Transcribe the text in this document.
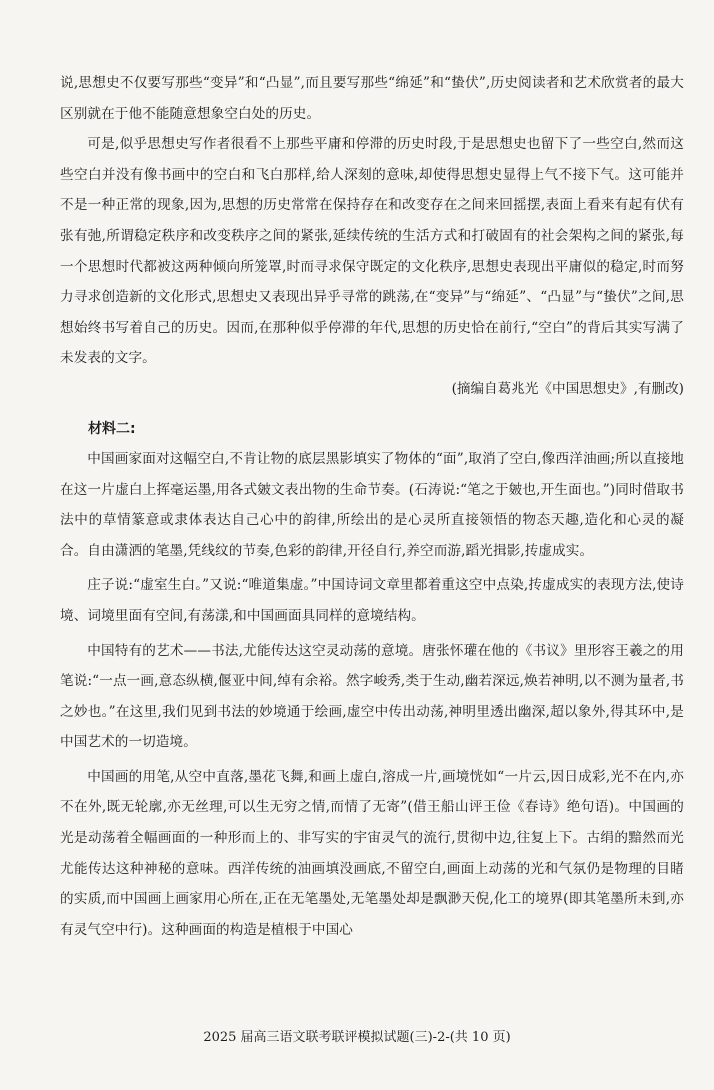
说,思想史不仅要写那些“变异”和“凸显”,而且要写那些“绵延”和“蛰伏”,历史阅读者和艺术欣赏者的最大区别就在于他不能随意想象空白处的历史。

可是,似乎思想史写作者很看不上那些平庸和停滞的历史时段,于是思想史也留下了一些空白,然而这些空白并没有像书画中的空白和飞白那样,给人深刻的意味,却使得思想史显得上气不接下气。这可能并不是一种正常的现象,因为,思想的历史常常在保持存在和改变存在之间来回摇摆,表面上看来有起有伏有张有弛,所谓稳定秩序和改变秩序之间的紧张,延续传统的生活方式和打破固有的社会架构之间的紧张,每一个思想时代都被这两种倾向所笼罩,时而寻求保守既定的文化秩序,思想史表现出平庸似的稳定,时而努力寻求创造新的文化形式,思想史又表现出异乎寻常的跳荡,在“变异”与“绵延”、“凸显”与“蛰伏”之间,思想始终书写着自己的历史。因而,在那种似乎停滞的年代,思想的历史恰在前行,“空白”的背后其实写满了未发表的文字。

(摘编自葛兆光《中国思想史》,有删改)

材料二:

中国画家面对这幅空白,不肯让物的底层黑影填实了物体的“面”,取消了空白,像西洋油画;所以直接地在这一片虚白上挥毫运墨,用各式皴文表出物的生命节奏。(石涛说:“笔之于皴也,开生面也。”)同时借取书法中的草情篆意或隶体表达自己心中的韵律,所绘出的是心灵所直接领悟的物态天趣,造化和心灵的凝合。自由潇洒的笔墨,凭线纹的节奏,色彩的韵律,开径自行,养空而游,蹈光揖影,抟虚成实。

庄子说:“虚室生白。”又说:“唯道集虚。”中国诗词文章里都着重这空中点染,抟虚成实的表现方法,使诗境、词境里面有空间,有荡漾,和中国画面具同样的意境结构。

中国特有的艺术——书法,尤能传达这空灵动荡的意境。唐张怀瓘在他的《书议》里形容王羲之的用笔说:“一点一画,意态纵横,偃亚中间,绰有余裕。然字峻秀,类于生动,幽若深远,焕若神明,以不测为量者,书之妙也。”在这里,我们见到书法的妙境通于绘画,虚空中传出动荡,神明里透出幽深,超以象外,得其环中,是中国艺术的一切造境。

中国画的用笔,从空中直落,墨花飞舞,和画上虚白,溶成一片,画境恍如“一片云,因日成彩,光不在内,亦不在外,既无轮廓,亦无丝理,可以生无穷之情,而情了无寄”(借王船山评王俭《春诗》绝句语)。中国画的光是动荡着全幅画面的一种形而上的、非写实的宇宙灵气的流行,贯彻中边,往复上下。古绢的黯然而光尤能传达这种神秘的意味。西洋传统的油画填没画底,不留空白,画面上动荡的光和气氛仍是物理的目睹的实质,而中国画上画家用心所在,正在无笔墨处,无笔墨处却是飘渺天倪,化工的境界(即其笔墨所未到,亦有灵气空中行)。这种画面的构造是植根于中国心

2025 届高三语文联考联评模拟试题(三)-2-(共 10 页)
